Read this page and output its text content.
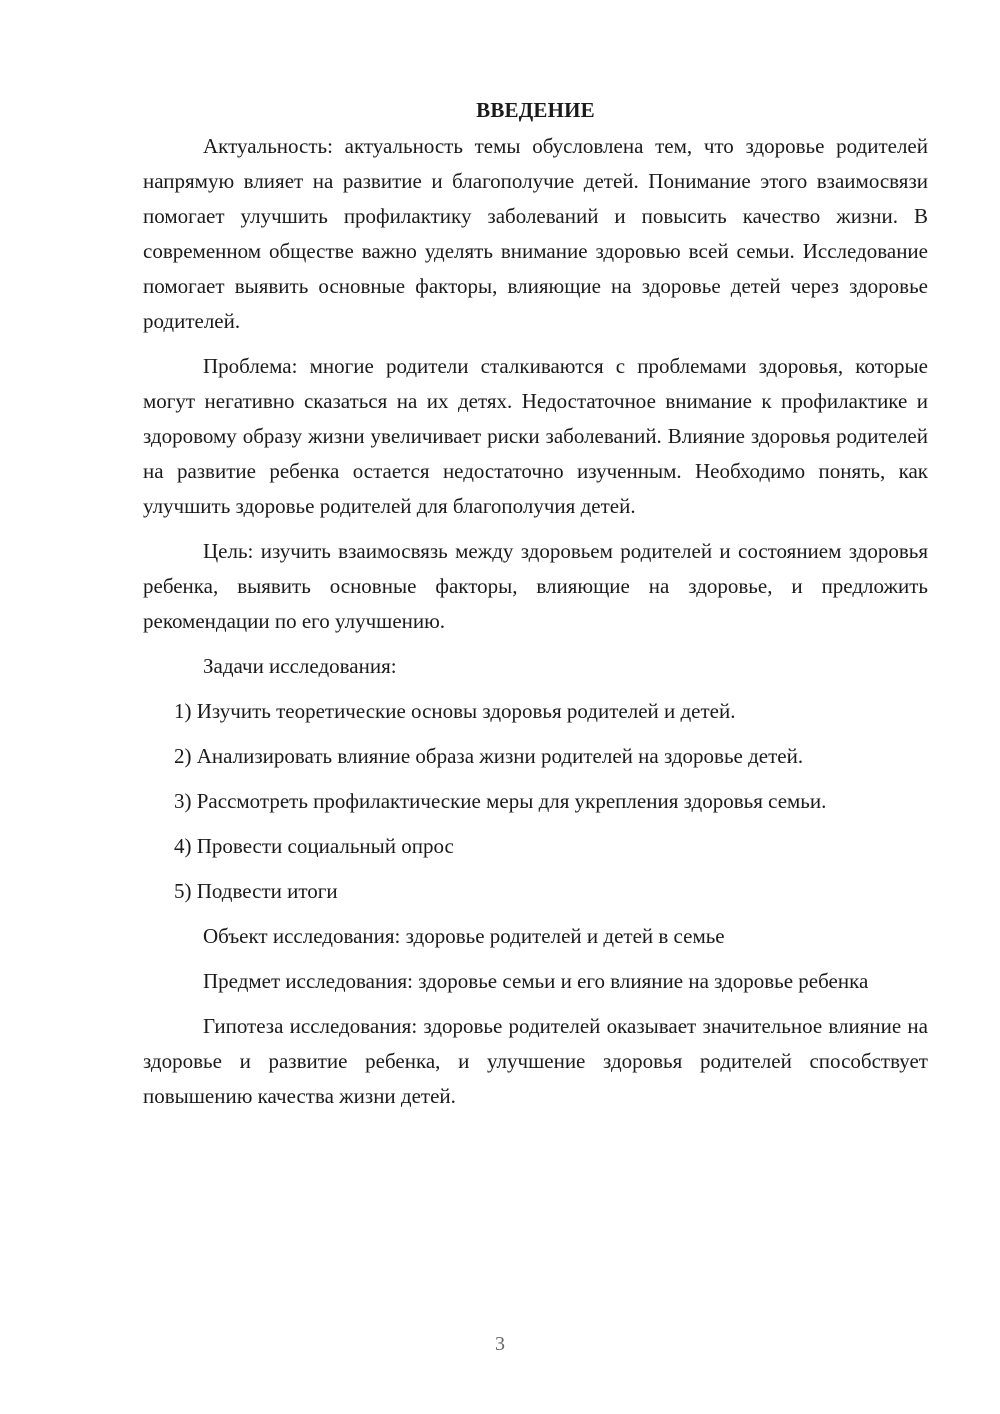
ВВЕДЕНИЕ

Актуальность: актуальность темы обусловлена тем, что здоровье родителей напрямую влияет на развитие и благополучие детей. Понимание этого взаимосвязи помогает улучшить профилактику заболеваний и повысить качество жизни. В современном обществе важно уделять внимание здоровью всей семьи. Исследование помогает выявить основные факторы, влияющие на здоровье детей через здоровье родителей.

Проблема: многие родители сталкиваются с проблемами здоровья, которые могут негативно сказаться на их детях. Недостаточное внимание к профилактике и здоровому образу жизни увеличивает риски заболеваний. Влияние здоровья родителей на развитие ребенка остается недостаточно изученным. Необходимо понять, как улучшить здоровье родителей для благополучия детей.

Цель: изучить взаимосвязь между здоровьем родителей и состоянием здоровья ребенка, выявить основные факторы, влияющие на здоровье, и предложить рекомендации по его улучшению.

Задачи исследования:

1) Изучить теоретические основы здоровья родителей и детей.

2) Анализировать влияние образа жизни родителей на здоровье детей.

3) Рассмотреть профилактические меры для укрепления здоровья семьи.

4) Провести социальный опрос

5) Подвести итоги

Объект исследования: здоровье родителей и детей в семье

Предмет исследования: здоровье семьи и его влияние на здоровье ребенка

Гипотеза исследования: здоровье родителей оказывает значительное влияние на здоровье и развитие ребенка, и улучшение здоровья родителей способствует повышению качества жизни детей.

3
